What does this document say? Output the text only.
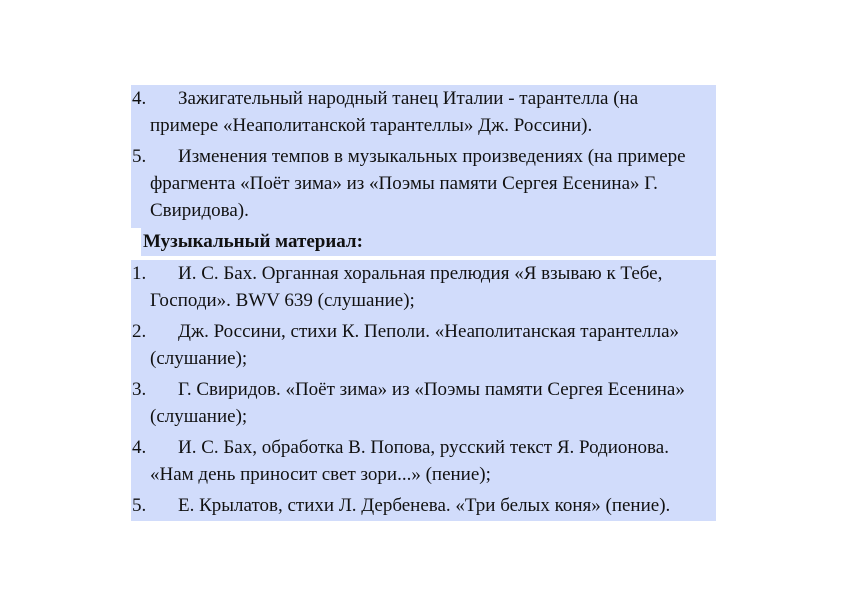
4.	Зажигательный народный танец Италии - тарантелла (на примере «Неаполитанской тарантеллы» Дж. Россини).
5.	Изменения темпов в музыкальных произведениях (на примере фрагмента «Поёт зима» из «Поэмы памяти Сергея Есенина» Г. Свиридова).
Музыкальный материал:
1.	И. С. Бах. Органная хоральная прелюдия «Я взываю к Тебе, Господи». BWV 639 (слушание);
2.	Дж. Россини, стихи К. Пеполи. «Неаполитанская тарантелла» (слушание);
3.	Г. Свиридов. «Поёт зима» из «Поэмы памяти Сергея Есенина» (слушание);
4.	И. С. Бах, обработка В. Попова, русский текст Я. Родионова. «Нам день приносит свет зори...» (пение);
5.	Е. Крылатов, стихи Л. Дербенева. «Три белых коня» (пение).
